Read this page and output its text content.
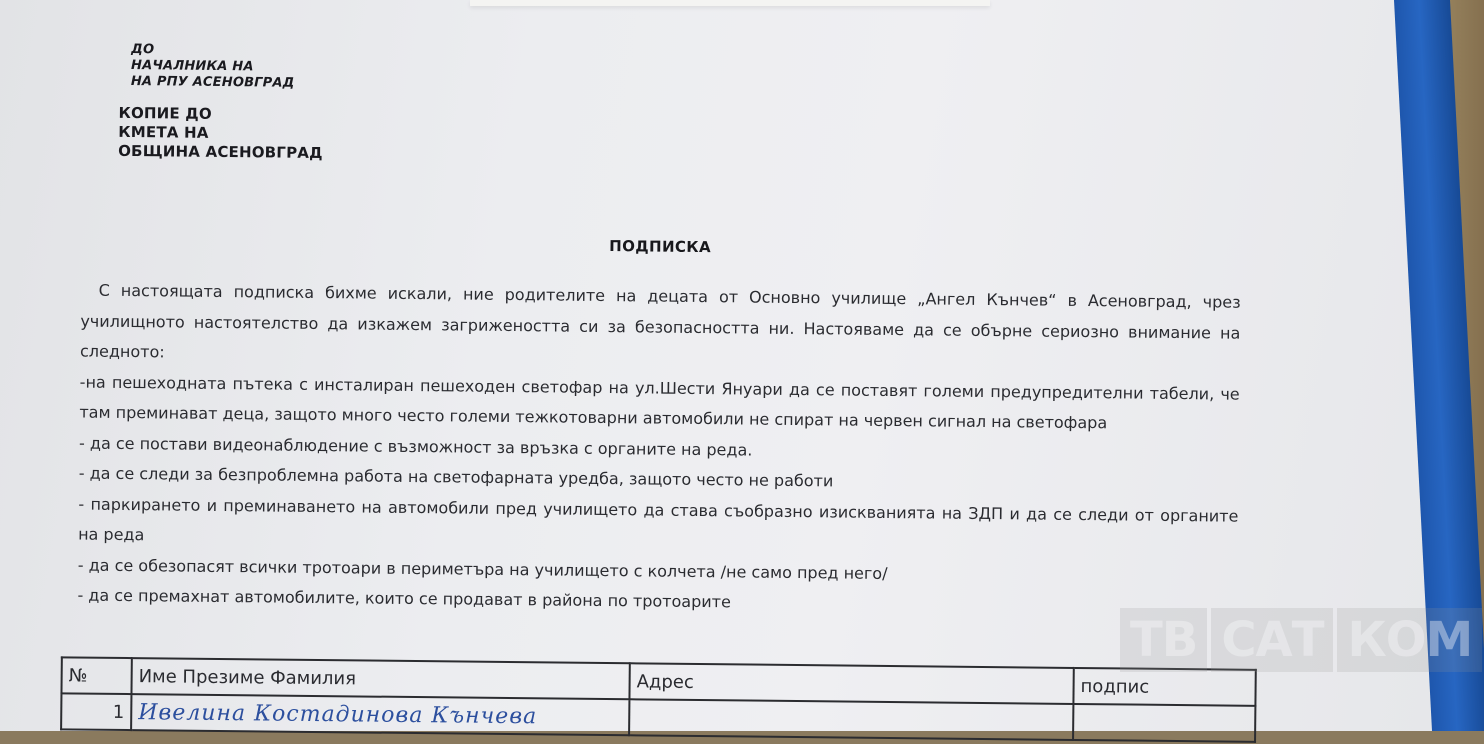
ДО
НАЧАЛНИКА НА
НА РПУ АСЕНОВГРАД
КОПИЕ ДО
КМЕТА НА
ОБЩИНА АСЕНОВГРАД
ПОДПИСКА

С настоящата подписка бихме искали, ние родителите на децата от Основно училище „Ангел Кънчев“ в Асеновград, чрез училищното настоятелство да изкажем загрижеността си за безопасността ни. Настояваме да се обърне сериозно внимание на следното:

-на пешеходната пътека с инсталиран пешеходен светофар на ул.Шести Януари да се поставят големи предупредителни табели, че там преминават деца, защото много често големи тежкотоварни автомобили не спират на червен сигнал на светофара

- да се постави видеонаблюдение с възможност за връзка с органите на реда.

- да се следи за безпроблемна работа на светофарната уредба, защото често не работи

- паркирането и преминаването на автомобили пред училището да става съобразно изискванията на ЗДП и да се следи от органите на реда

- да се обезопасят всички тротоари в периметъра на училището с колчета /не само пред него/

- да се премахнат автомобилите, които се продават в района по тротоарите

№	Име Презиме Фамилия	Адрес	подпис
1	Ивелина Костадинова Кънчева		
ТВ САТ КОМ
